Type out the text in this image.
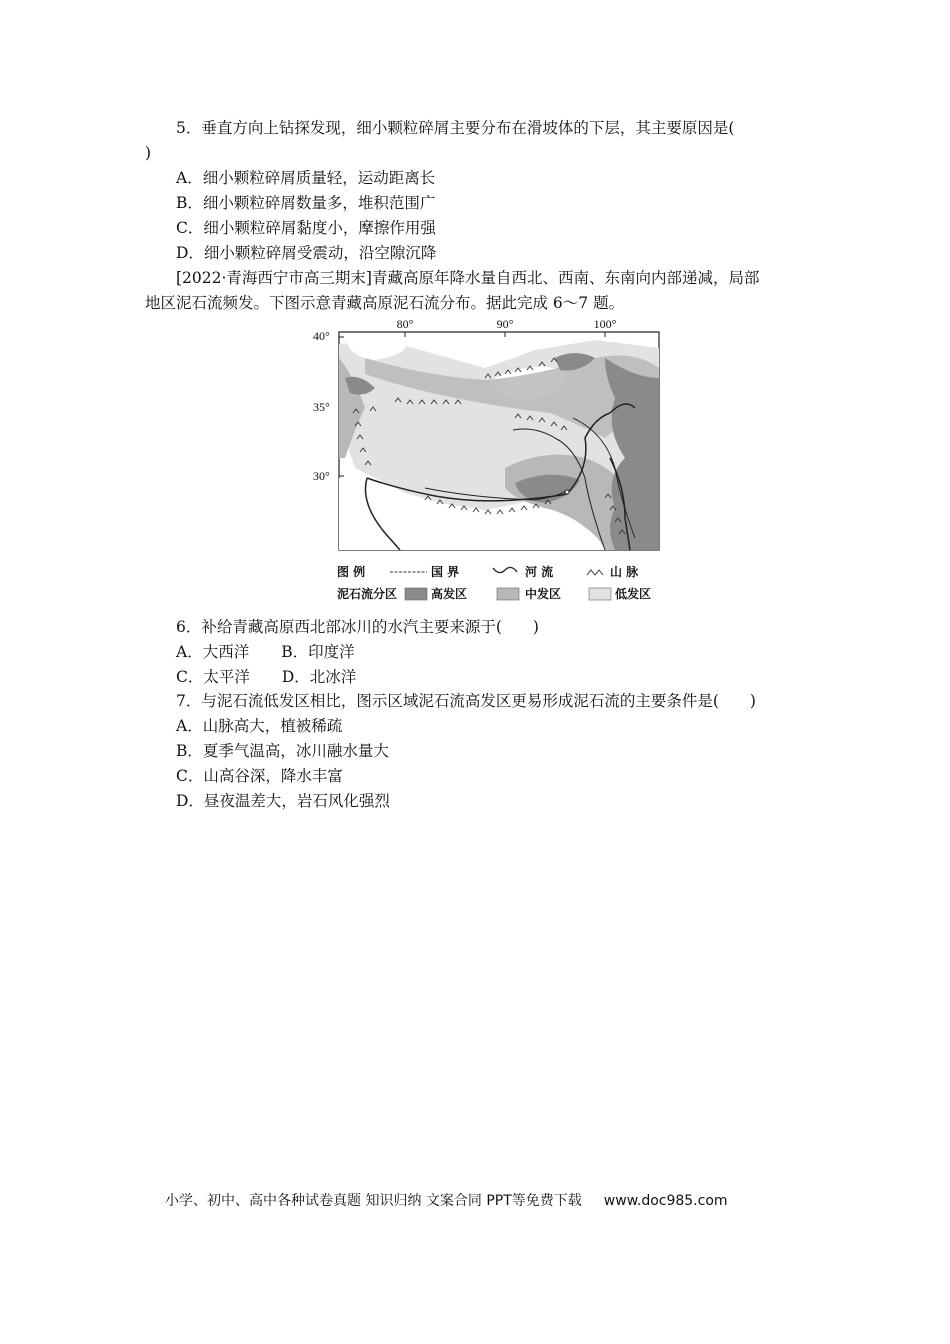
5．垂直方向上钻探发现，细小颗粒碎屑主要分布在滑坡体的下层，其主要原因是(
)
A．细小颗粒碎屑质量轻，运动距离长
B．细小颗粒碎屑数量多，堆积范围广
C．细小颗粒碎屑黏度小，摩擦作用强
D．细小颗粒碎屑受震动，沿空隙沉降
[2022·青海西宁市高三期末]青藏高原年降水量自西北、西南、东南向内部递减，局部
地区泥石流频发。下图示意青藏高原泥石流分布。据此完成 6～7 题。
80°	90°	100°
40°
35°
30°
图 例	国 界	河 流	山 脉
泥石流分区	高发区	中发区	低发区
6．补给青藏高原西北部冰川的水汽主要来源于(　　)
A．大西洋 B．印度洋
C．太平洋 D．北冰洋
7．与泥石流低发区相比，图示区域泥石流高发区更易形成泥石流的主要条件是(　　)
A．山脉高大，植被稀疏
B．夏季气温高，冰川融水量大
C．山高谷深，降水丰富
D．昼夜温差大，岩石风化强烈
小学、初中、高中各种试卷真题 知识归纳 文案合同 PPT等免费下载 www.doc985.com
